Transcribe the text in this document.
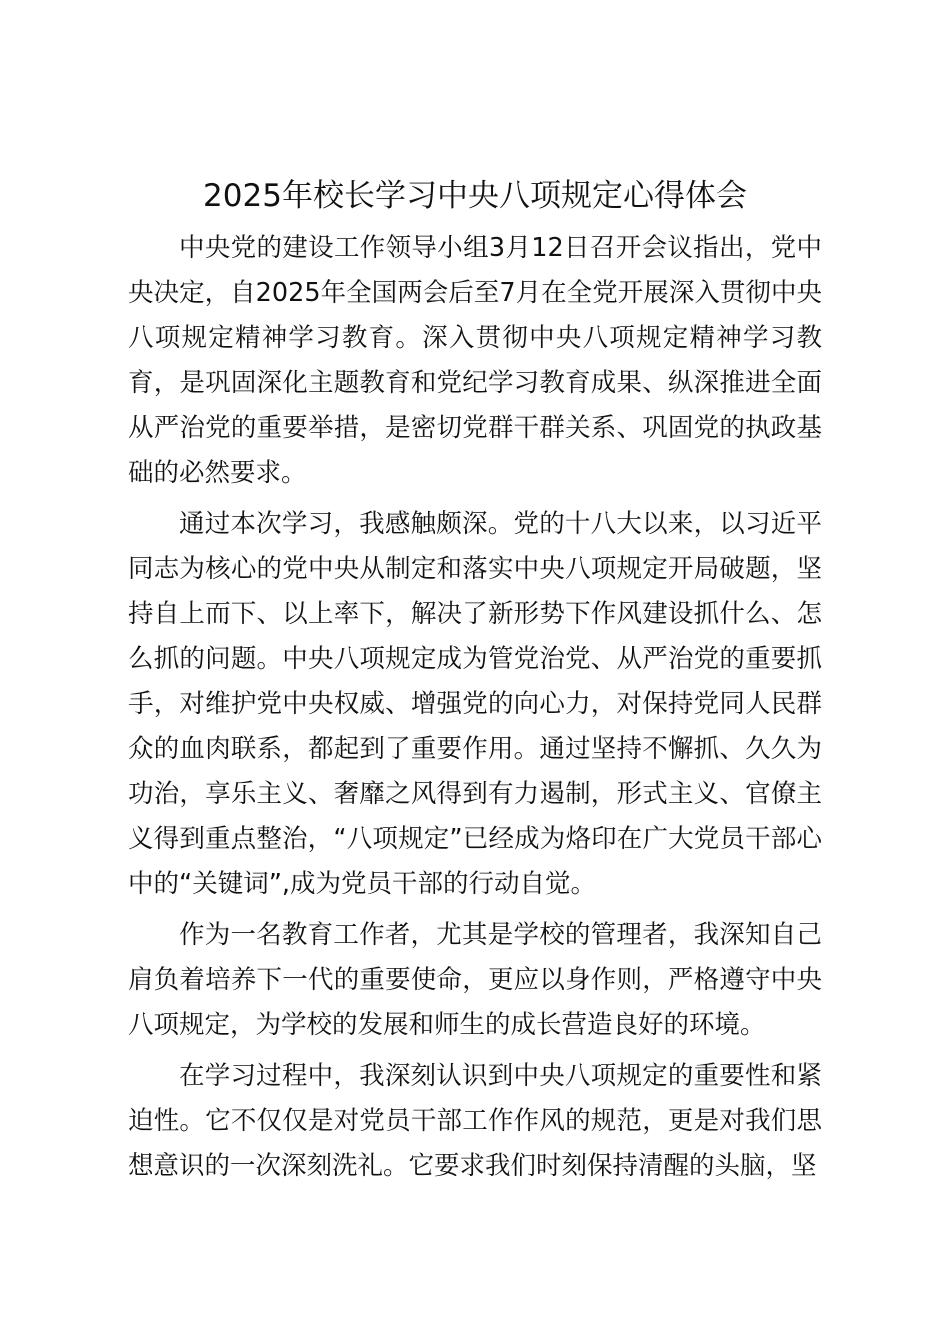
2025年校长学习中央八项规定心得体会

中央党的建设工作领导小组3月12日召开会议指出，党中央决定，自2025年全国两会后至7月在全党开展深入贯彻中央八项规定精神学习教育。深入贯彻中央八项规定精神学习教育，是巩固深化主题教育和党纪学习教育成果、纵深推进全面从严治党的重要举措，是密切党群干群关系、巩固党的执政基础的必然要求。

通过本次学习，我感触颇深。党的十八大以来，以习近平同志为核心的党中央从制定和落实中央八项规定开局破题，坚持自上而下、以上率下，解决了新形势下作风建设抓什么、怎么抓的问题。中央八项规定成为管党治党、从严治党的重要抓手，对维护党中央权威、增强党的向心力，对保持党同人民群众的血肉联系，都起到了重要作用。通过坚持不懈抓、久久为功治，享乐主义、奢靡之风得到有力遏制，形式主义、官僚主义得到重点整治，“八项规定”已经成为烙印在广大党员干部心中的“关键词”,成为党员干部的行动自觉。

作为一名教育工作者，尤其是学校的管理者，我深知自己肩负着培养下一代的重要使命，更应以身作则，严格遵守中央八项规定，为学校的发展和师生的成长营造良好的环境。

在学习过程中，我深刻认识到中央八项规定的重要性和紧迫性。它不仅仅是对党员干部工作作风的规范，更是对我们思想意识的一次深刻洗礼。它要求我们时刻保持清醒的头脑，坚
